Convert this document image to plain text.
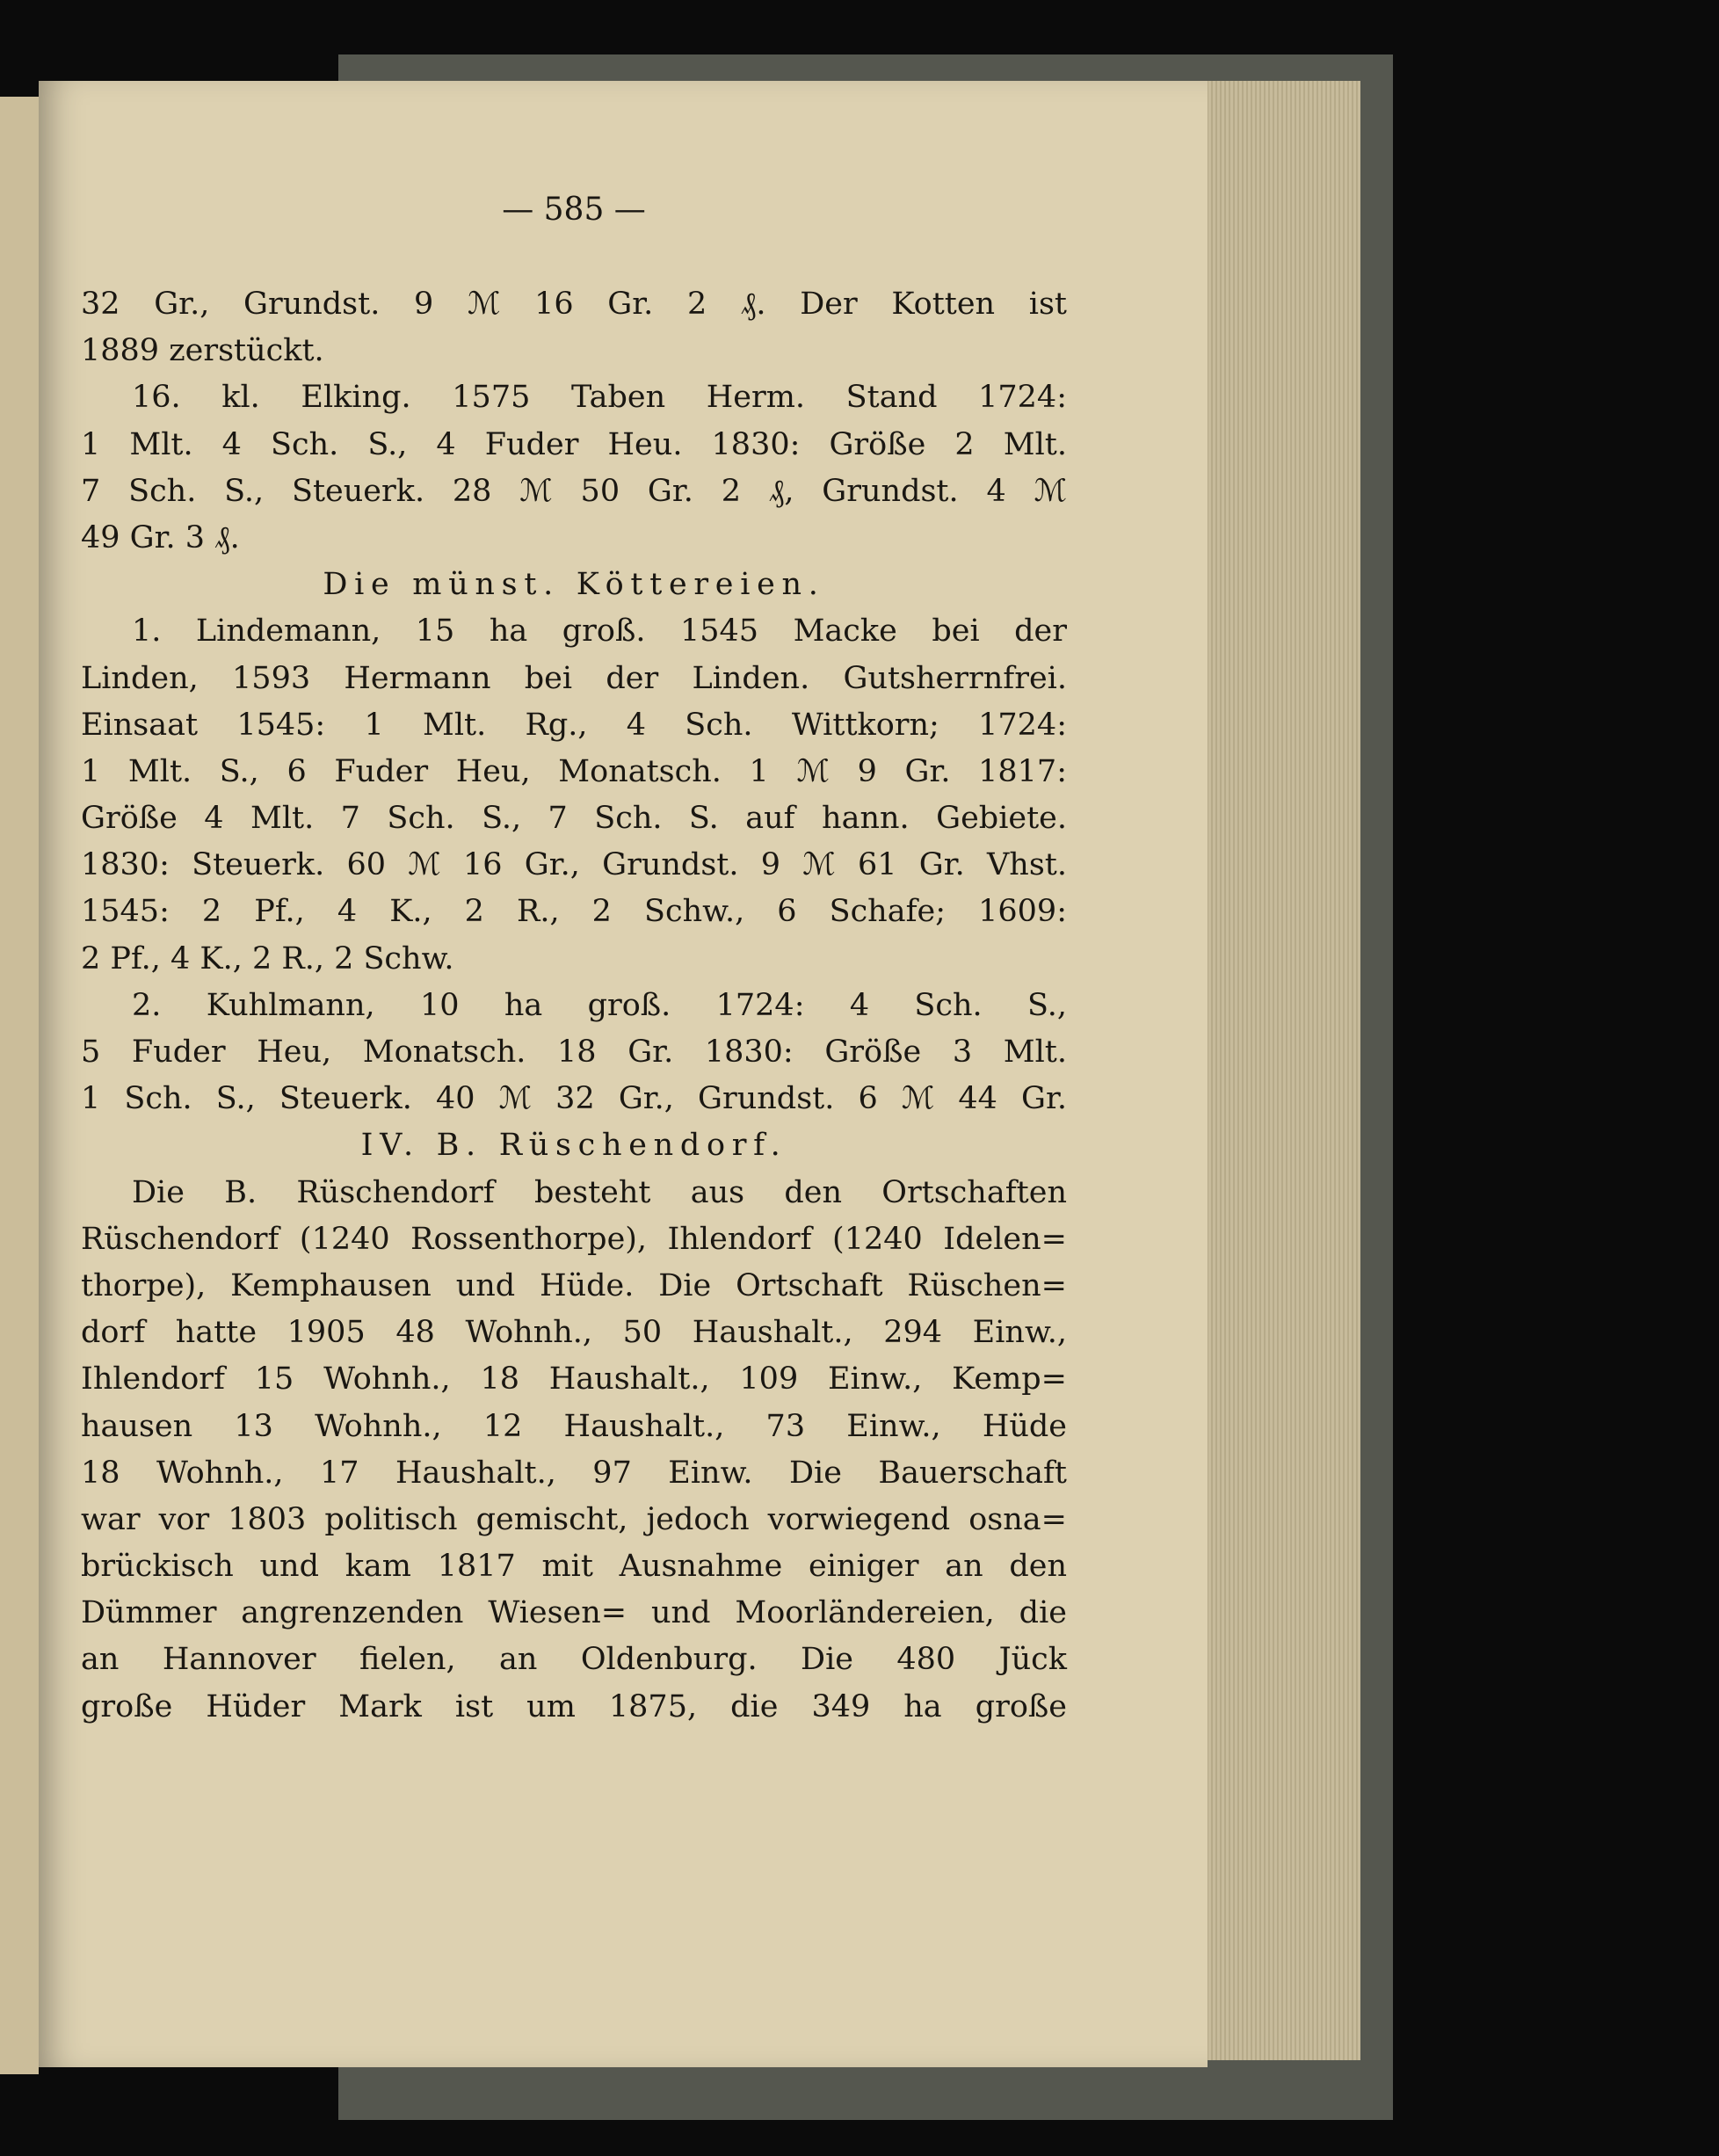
— 585 —
32 Gr., Grundst. 9 ℳ 16 Gr. 2 ₰. Der Kotten ist
1889 zerstückt.
16. kl. Elking. 1575 Taben Herm. Stand 1724:
1 Mlt. 4 Sch. S., 4 Fuder Heu. 1830: Größe 2 Mlt.
7 Sch. S., Steuerk. 28 ℳ 50 Gr. 2 ₰, Grundst. 4 ℳ
49 Gr. 3 ₰.
Die münst. Köttereien.
1. Lindemann, 15 ha groß. 1545 Macke bei der
Linden, 1593 Hermann bei der Linden. Gutsherrnfrei.
Einsaat 1545: 1 Mlt. Rg., 4 Sch. Wittkorn; 1724:
1 Mlt. S., 6 Fuder Heu, Monatsch. 1 ℳ 9 Gr. 1817:
Größe 4 Mlt. 7 Sch. S., 7 Sch. S. auf hann. Gebiete.
1830: Steuerk. 60 ℳ 16 Gr., Grundst. 9 ℳ 61 Gr. Vhst.
1545: 2 Pf., 4 K., 2 R., 2 Schw., 6 Schafe; 1609:
2 Pf., 4 K., 2 R., 2 Schw.
2. Kuhlmann, 10 ha groß. 1724: 4 Sch. S.,
5 Fuder Heu, Monatsch. 18 Gr. 1830: Größe 3 Mlt.
1 Sch. S., Steuerk. 40 ℳ 32 Gr., Grundst. 6 ℳ 44 Gr.
IV. B. Rüschendorf.
Die B. Rüschendorf besteht aus den Ortschaften
Rüschendorf (1240 Rossenthorpe), Ihlendorf (1240 Idelen=
thorpe), Kemphausen und Hüde. Die Ortschaft Rüschen=
dorf hatte 1905 48 Wohnh., 50 Haushalt., 294 Einw.,
Ihlendorf 15 Wohnh., 18 Haushalt., 109 Einw., Kemp=
hausen 13 Wohnh., 12 Haushalt., 73 Einw., Hüde
18 Wohnh., 17 Haushalt., 97 Einw. Die Bauerschaft
war vor 1803 politisch gemischt, jedoch vorwiegend osna=
brückisch und kam 1817 mit Ausnahme einiger an den
Dümmer angrenzenden Wiesen= und Moorländereien, die
an Hannover fielen, an Oldenburg. Die 480 Jück
große Hüder Mark ist um 1875, die 349 ha große
